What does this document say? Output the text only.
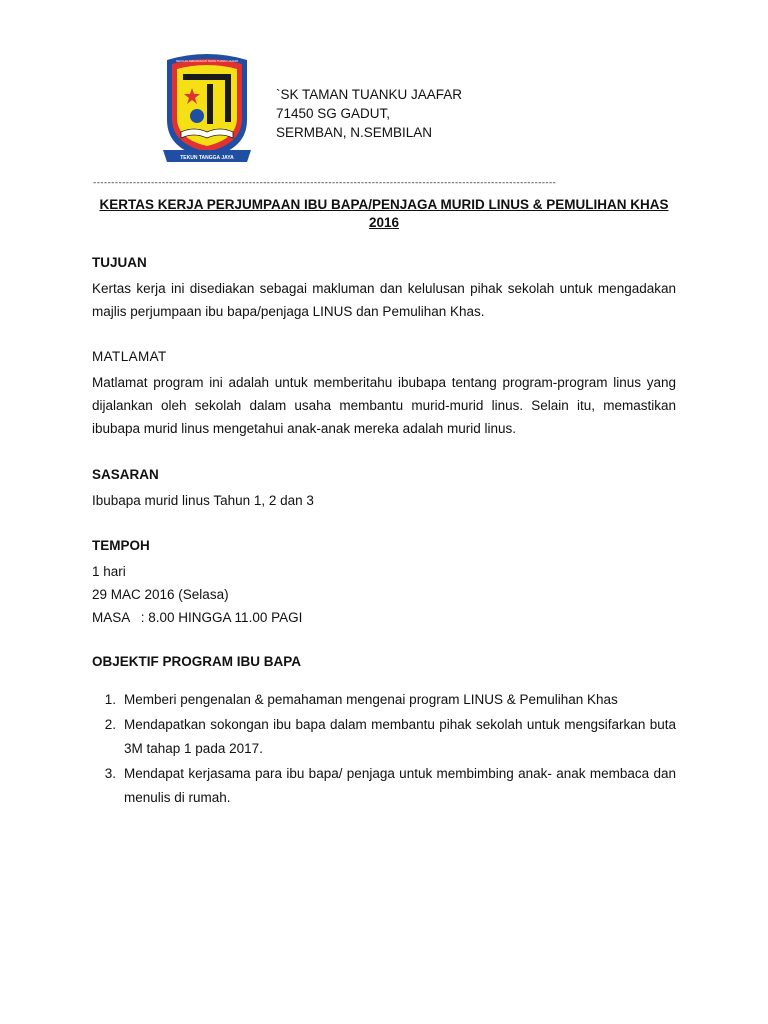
SEKOLAH KEBANGSAAN TAMAN TUANKU JAAFAR
TEKUN TANGGA JAYA
`SK TAMAN TUANKU JAAFAR
71450 SG GADUT,
SERMBAN, N.SEMBILAN
--------------------------------------------------------------------------------------------------------------------------------
KERTAS KERJA PERJUMPAAN IBU BAPA/PENJAGA MURID LINUS & PEMULIHAN KHAS
2016
TUJUAN

Kertas kerja ini disediakan sebagai makluman dan kelulusan pihak sekolah untuk mengadakan majlis perjumpaan ibu bapa/penjaga LINUS dan Pemulihan Khas.

MATLAMAT

Matlamat program ini adalah untuk memberitahu ibubapa tentang program-program linus yang dijalankan oleh sekolah dalam usaha membantu murid-murid linus. Selain itu, memastikan ibubapa murid linus mengetahui anak-anak mereka adalah murid linus.

SASARAN

Ibubapa murid linus Tahun 1, 2 dan 3

TEMPOH

1 hari

29 MAC 2016 (Selasa)

MASA   : 8.00 HINGGA 11.00 PAGI

OBJEKTIF PROGRAM IBU BAPA
1. Memberi pengenalan & pemahaman mengenai program LINUS & Pemulihan Khas
2. Mendapatkan sokongan ibu bapa dalam membantu pihak sekolah untuk mengsifarkan buta 3M tahap 1 pada 2017.
3. Mendapat kerjasama para ibu bapa/ penjaga untuk membimbing anak- anak membaca dan menulis di rumah.
